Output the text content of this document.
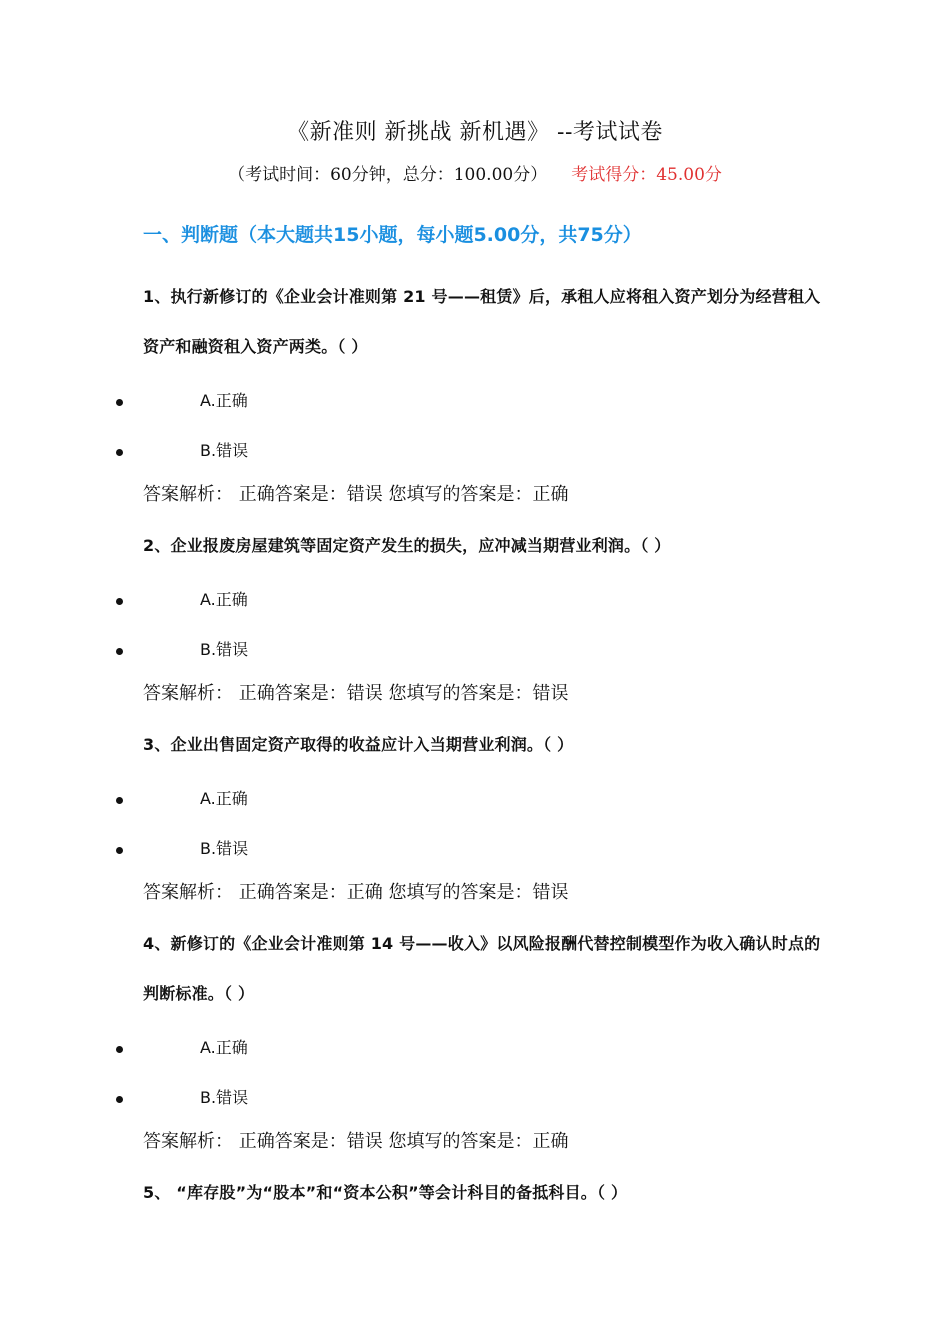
《新准则 新挑战 新机遇》 --考试试卷
（考试时间：60分钟，总分：100.00分） 考试得分：45.00分
一、判断题（本大题共15小题，每小题5.00分，共75分）
1、执行新修订的《企业会计准则第 21 号——租赁》后，承租人应将租入资产划分为经营租入资产和融资租入资产两类。（ ）
A.正确
B.错误
答案解析： 正确答案是：错误 您填写的答案是：正确
2、企业报废房屋建筑等固定资产发生的损失，应冲减当期营业利润。（ ）
A.正确
B.错误
答案解析： 正确答案是：错误 您填写的答案是：错误
3、企业出售固定资产取得的收益应计入当期营业利润。（ ）
A.正确
B.错误
答案解析： 正确答案是：正确 您填写的答案是：错误
4、新修订的《企业会计准则第 14 号——收入》以风险报酬代替控制模型作为收入确认时点的判断标准。（ ）
A.正确
B.错误
答案解析： 正确答案是：错误 您填写的答案是：正确
5、 “库存股”为“股本”和“资本公积”等会计科目的备抵科目。（ ）
